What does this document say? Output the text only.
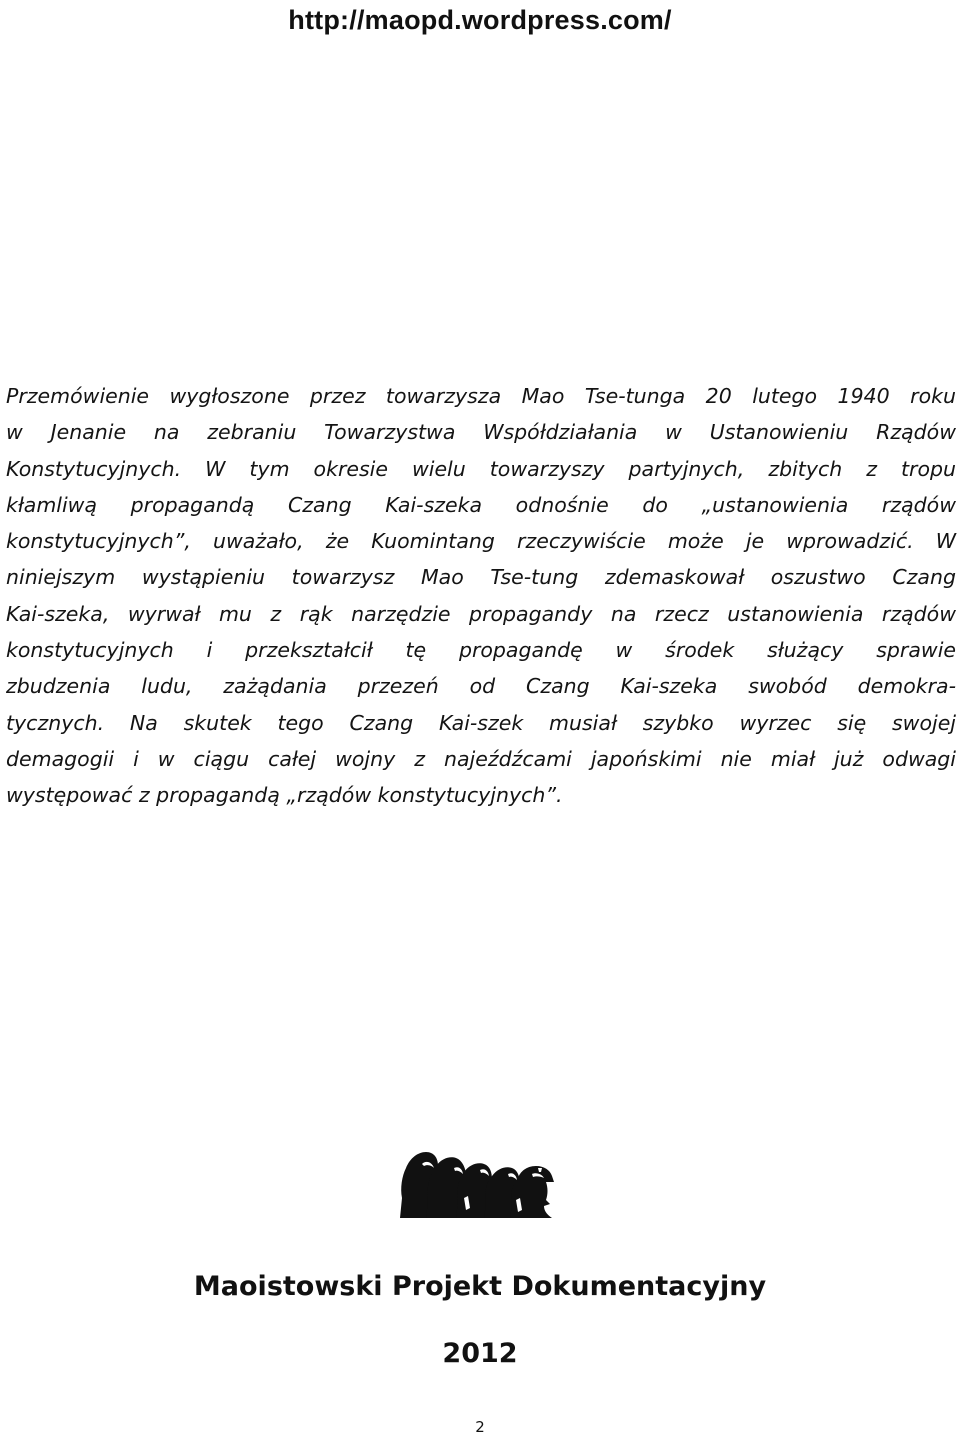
http://maopd.wordpress.com/
Przemówienie wygłoszone przez towarzysza Mao Tse-tunga 20 lutego 1940 roku
w Jenanie na zebraniu Towarzystwa Współdziałania w Ustanowieniu Rządów
Konstytucyjnych. W tym okresie wielu towarzyszy partyjnych, zbitych z tropu
kłamliwą propagandą Czang Kai-szeka odnośnie do „ustanowienia rządów
konstytucyjnych”, uważało, że Kuomintang rzeczywiście może je wprowadzić. W
niniejszym wystąpieniu towarzysz Mao Tse-tung zdemaskował oszustwo Czang
Kai-szeka, wyrwał mu z rąk narzędzie propagandy na rzecz ustanowienia rządów
konstytucyjnych i przekształcił tę propagandę w środek służący sprawie
zbudzenia ludu, zażądania przezeń od Czang Kai-szeka swobód demokra-
tycznych. Na skutek tego Czang Kai-szek musiał szybko wyrzec się swojej
demagogii i w ciągu całej wojny z najeźdźcami japońskimi nie miał już odwagi
występować z propagandą „rządów konstytucyjnych”.
Maoistowski Projekt Dokumentacyjny
2012
2
